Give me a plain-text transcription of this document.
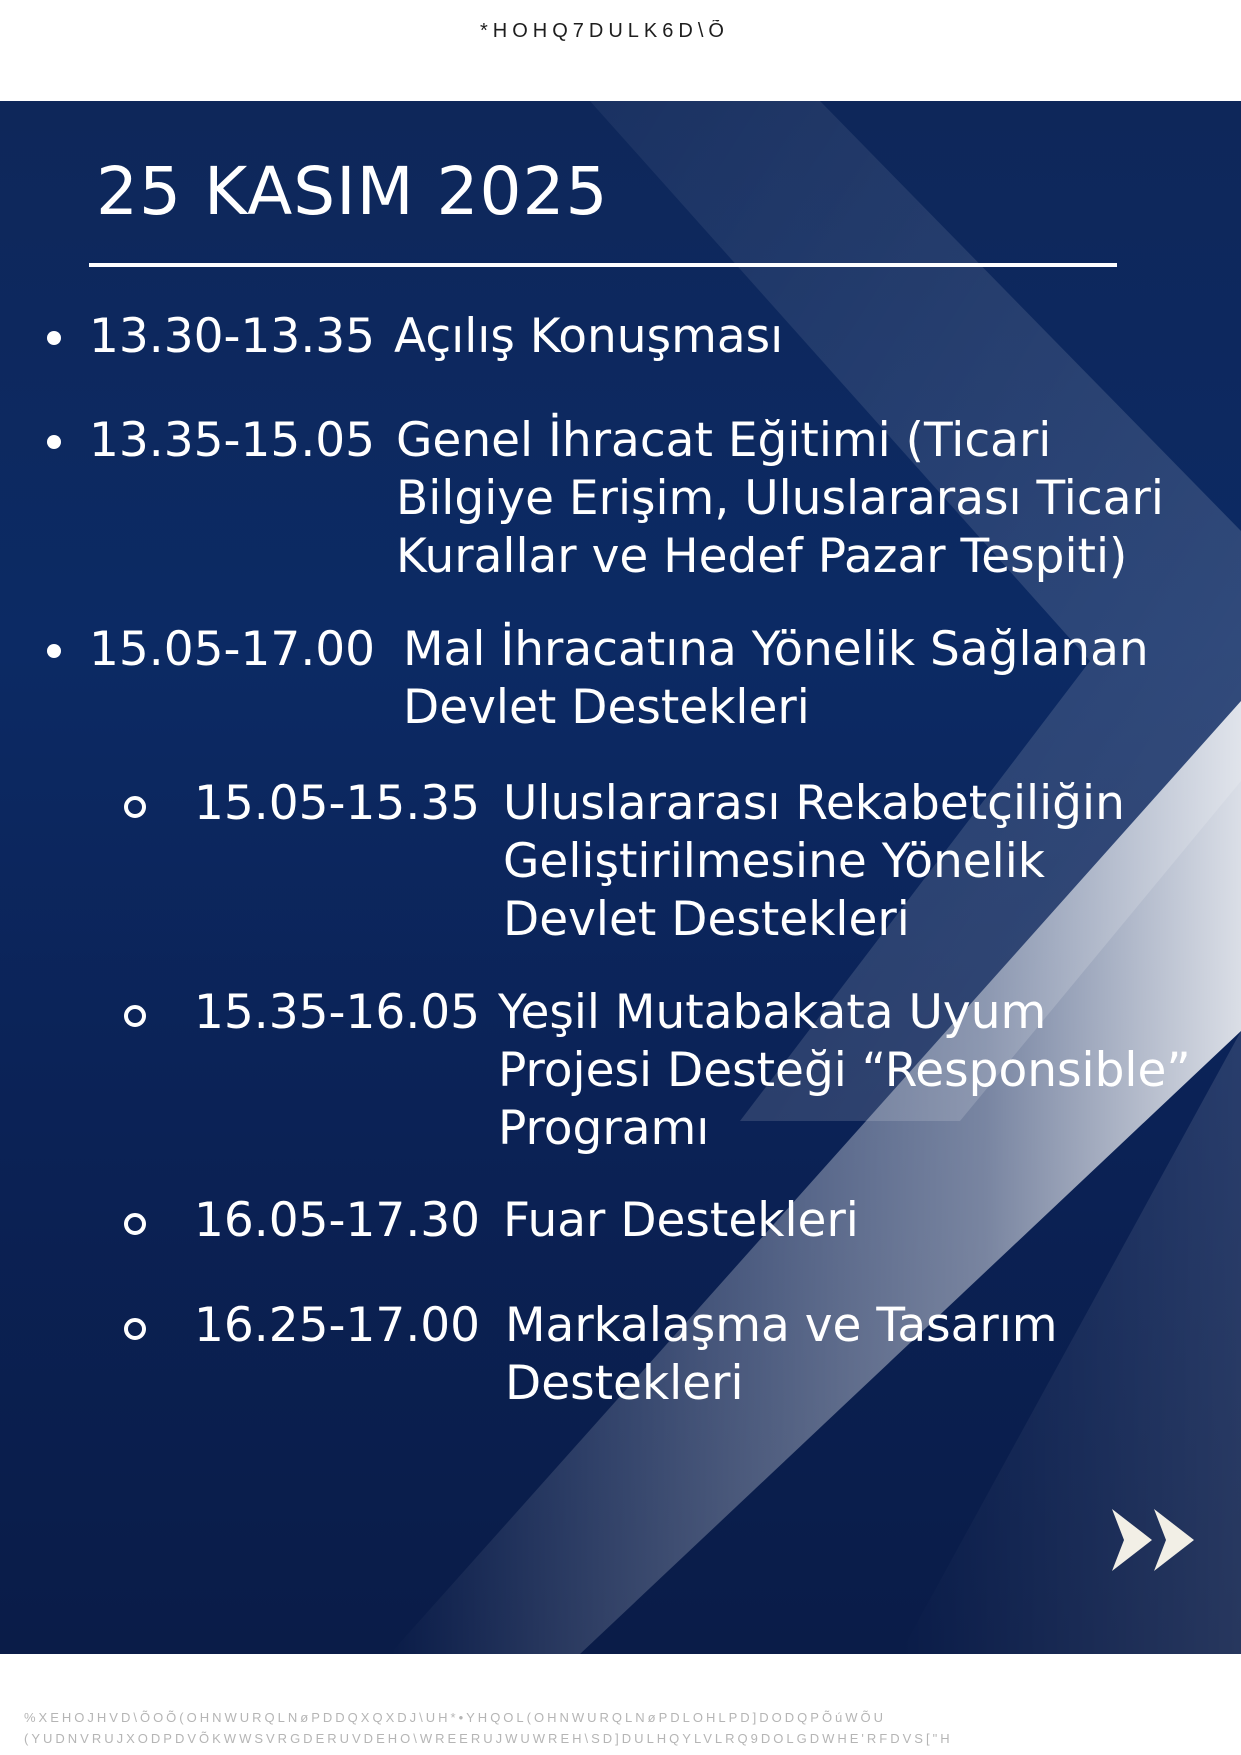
*HOHQ7DULK6D\Õ
25 KASIM 2025
13.30-13.35 Açılış Konuşması
13.35-15.05 Genel İhracat Eğitimi (Ticari
Bilgiye Erişim, Uluslararası Ticari
Kurallar ve Hedef Pazar Tespiti)
15.05-17.00 Mal İhracatına Yönelik Sağlanan
Devlet Destekleri
15.05-15.35 Uluslararası Rekabetçiliğin
Geliştirilmesine Yönelik
Devlet Destekleri
15.35-16.05 Yeşil Mutabakata Uyum
Projesi Desteği “Responsible”
Programı
16.05-17.30 Fuar Destekleri
16.25-17.00 Markalaşma ve Tasarım
Destekleri
%XEHOJHVD\ÕOÕ(OHNWURQLNøPDDQXQXDJ\UH*•YHQOL(OHNWURQLNøPDLOHLPD]DODQPÕúWÕU
(YUDNVRUJXODPDVÕKWWSVRGDERUVDEHO\WREERUJWUWREH\SD]DULHQYLVLRQ9DOLGDWHE'RFDVS["H
